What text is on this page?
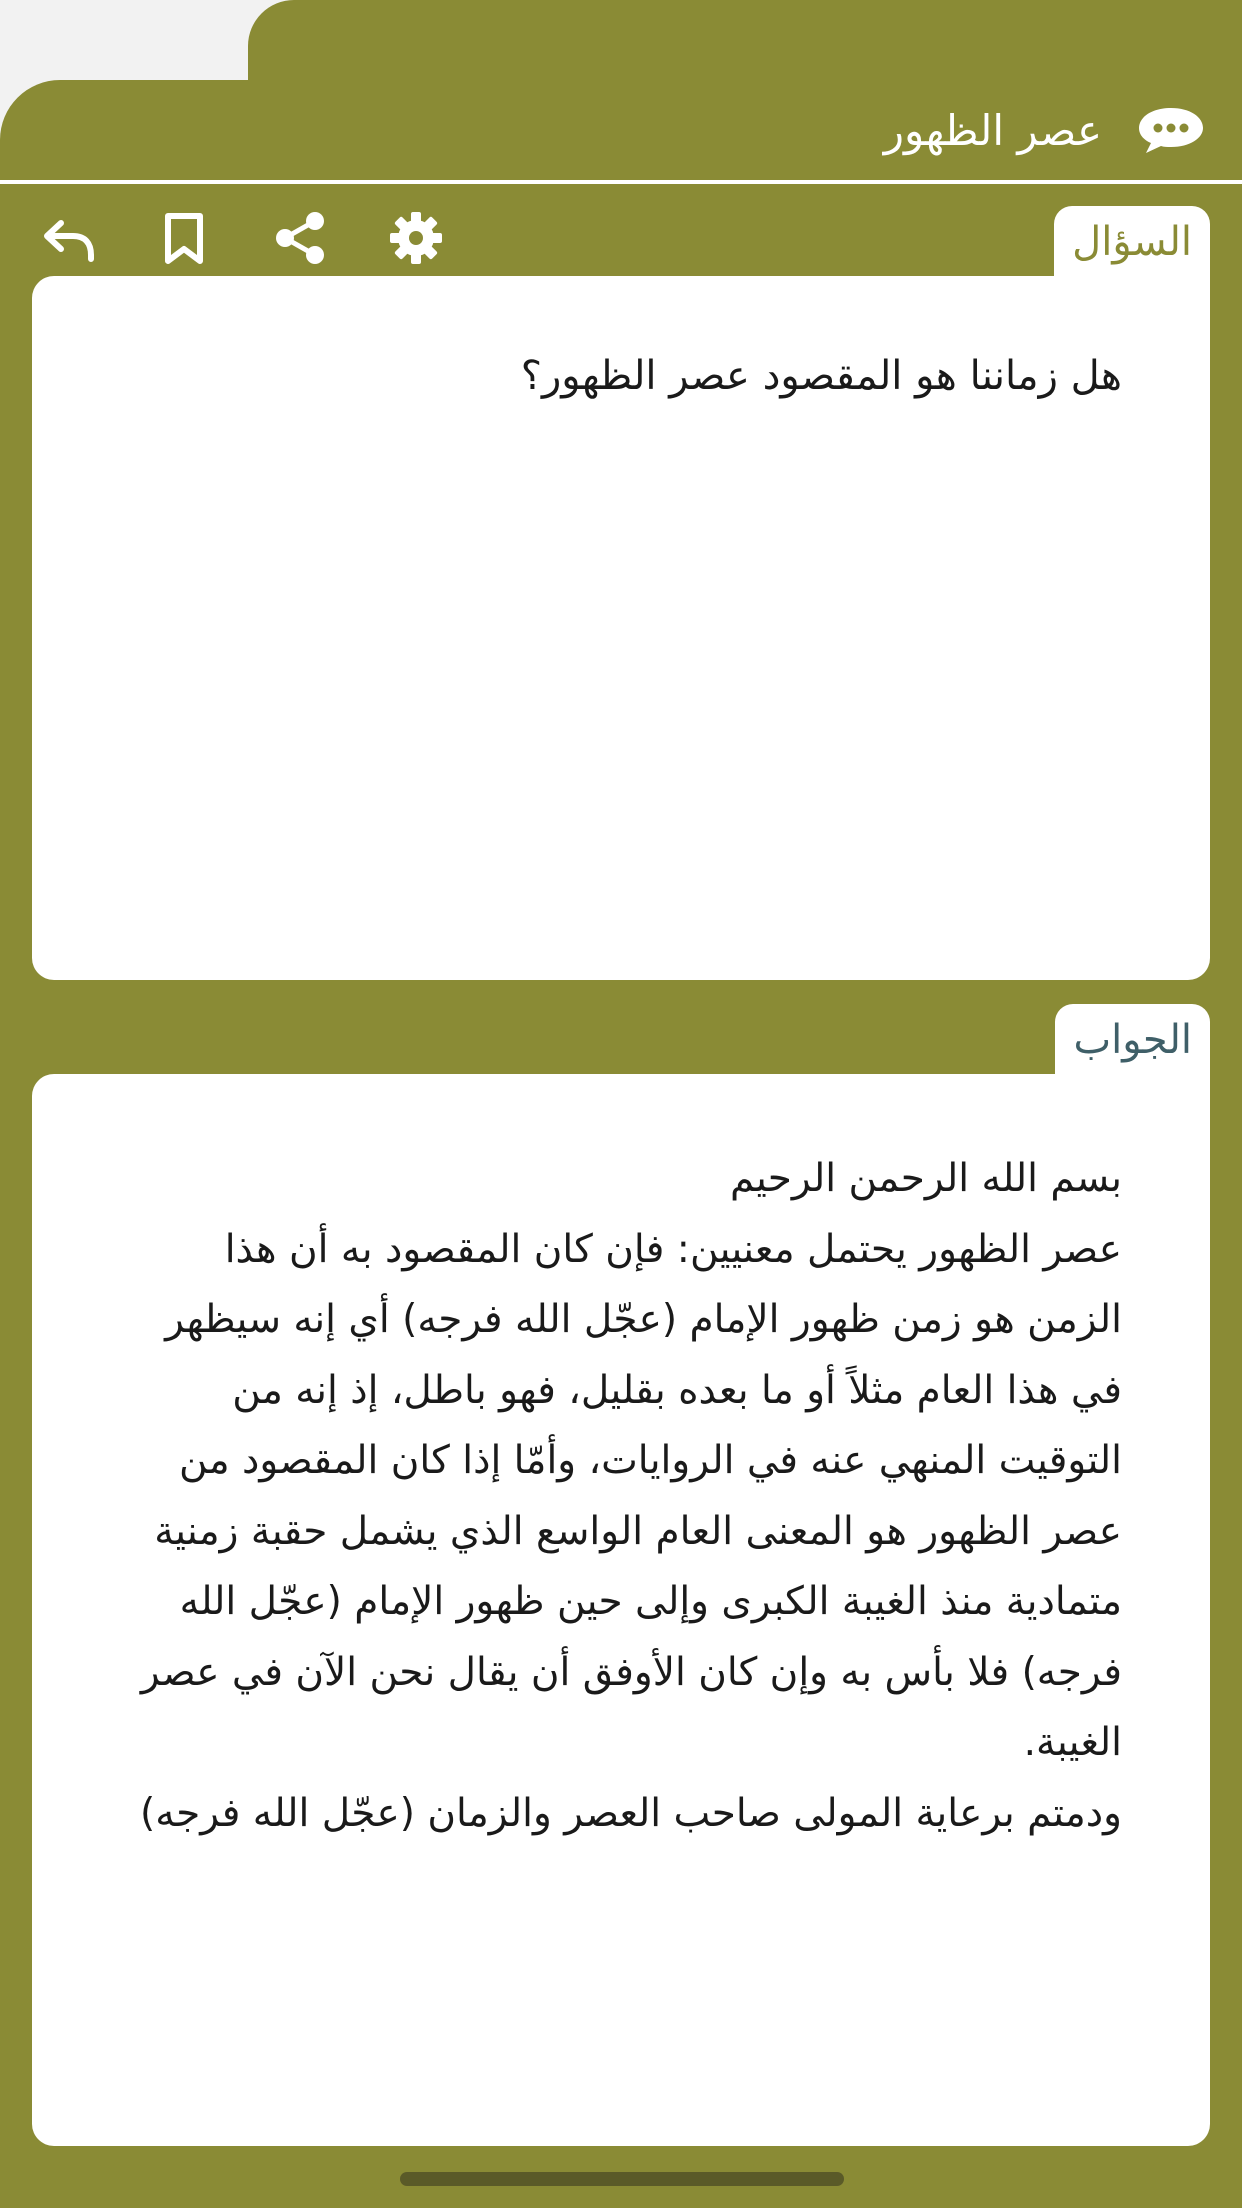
عصر الظهور
السؤال

هل زماننا هو المقصود عصر الظهور؟

الجواب

بسم الله الرحمن الرحيم
عصر الظهور يحتمل معنيين: فإن كان المقصود به أن هذا الزمن هو زمن ظهور الإمام (عجّل الله فرجه) أي إنه سيظهر في هذا العام مثلاً أو ما بعده بقليل، فهو باطل، إذ إنه من التوقيت المنهي عنه في الروايات، وأمّا إذا كان المقصود من عصر الظهور هو المعنى العام الواسع الذي يشمل حقبة زمنية متمادية منذ الغيبة الكبرى وإلى حين ظهور الإمام (عجّل الله فرجه) فلا بأس به وإن كان الأوفق أن يقال نحن الآن في عصر الغيبة.
ودمتم برعاية المولى صاحب العصر والزمان (عجّل الله فرجه)
